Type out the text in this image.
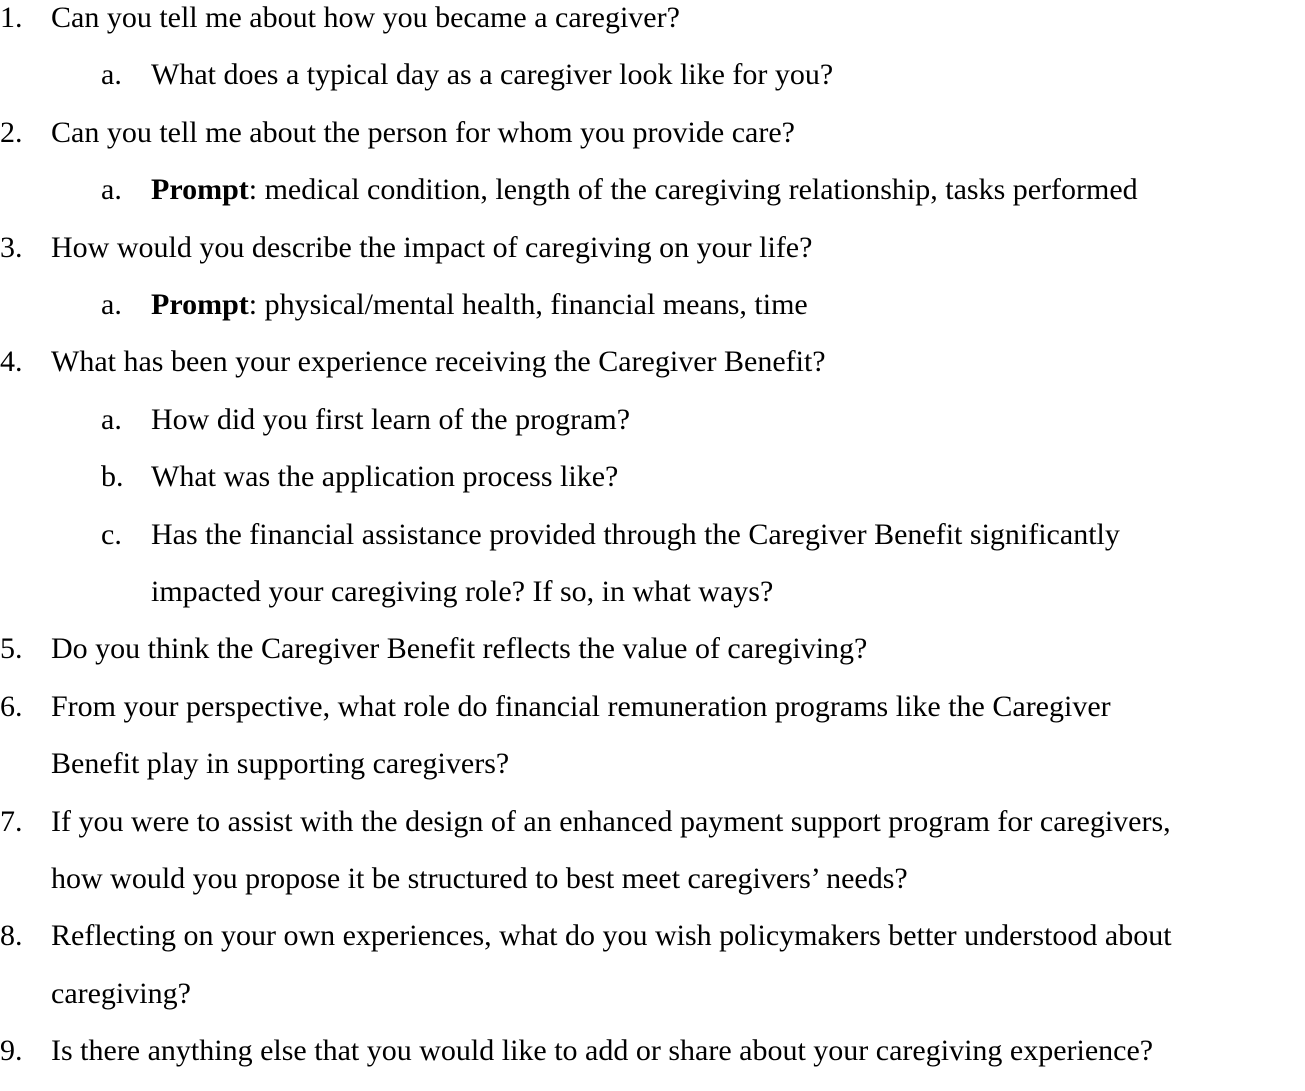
1. Can you tell me about how you became a caregiver?
a. What does a typical day as a caregiver look like for you?
2. Can you tell me about the person for whom you provide care?
a. Prompt: medical condition, length of the caregiving relationship, tasks performed
3. How would you describe the impact of caregiving on your life?
a. Prompt: physical/mental health, financial means, time
4. What has been your experience receiving the Caregiver Benefit?
a. How did you first learn of the program?
b. What was the application process like?
c. Has the financial assistance provided through the Caregiver Benefit significantly
impacted your caregiving role? If so, in what ways?
5. Do you think the Caregiver Benefit reflects the value of caregiving?
6. From your perspective, what role do financial remuneration programs like the Caregiver
Benefit play in supporting caregivers?
7. If you were to assist with the design of an enhanced payment support program for caregivers,
how would you propose it be structured to best meet caregivers’ needs?
8. Reflecting on your own experiences, what do you wish policymakers better understood about
caregiving?
9. Is there anything else that you would like to add or share about your caregiving experience?
